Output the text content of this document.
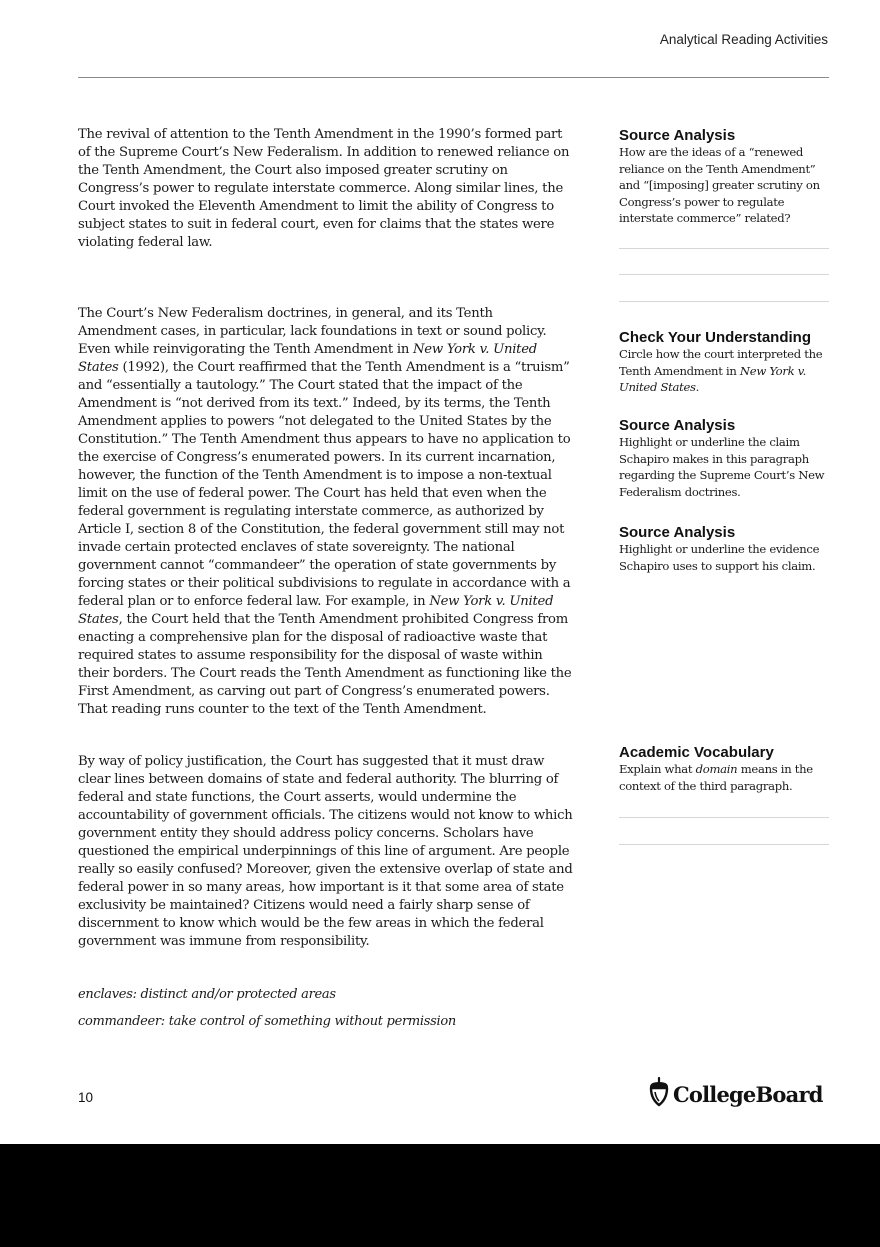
Analytical Reading Activities

The revival of attention to the Tenth Amendment in the 1990’s formed part of the Supreme Court’s New Federalism. In addition to renewed reliance on the Tenth Amendment, the Court also imposed greater scrutiny on Congress’s power to regulate interstate commerce. Along similar lines, the Court invoked the Eleventh Amendment to limit the ability of Congress to subject states to suit in federal court, even for claims that the states were violating federal law.

The Court’s New Federalism doctrines, in general, and its Tenth Amendment cases, in particular, lack foundations in text or sound policy. Even while reinvigorating the Tenth Amendment in New York v. United States (1992), the Court reafﬁrmed that the Tenth Amendment is a “truism” and “essentially a tautology.” The Court stated that the impact of the Amendment is “not derived from its text.” Indeed, by its terms, the Tenth Amendment applies to powers “not delegated to the United States by the Constitution.” The Tenth Amendment thus appears to have no application to the exercise of Congress’s enumerated powers. In its current incarnation, however, the function of the Tenth Amendment is to impose a non-textual limit on the use of federal power. The Court has held that even when the federal government is regulating interstate commerce, as authorized by Article I, section 8 of the Constitution, the federal government still may not invade certain protected enclaves of state sovereignty. The national government cannot “commandeer” the operation of state governments by forcing states or their political subdivisions to regulate in accordance with a federal plan or to enforce federal law. For example, in New York v. United States, the Court held that the Tenth Amendment prohibited Congress from enacting a comprehensive plan for the disposal of radioactive waste that required states to assume responsibility for the disposal of waste within their borders. The Court reads the Tenth Amendment as functioning like the First Amendment, as carving out part of Congress’s enumerated powers. That reading runs counter to the text of the Tenth Amendment.

By way of policy justification, the Court has suggested that it must draw clear lines between domains of state and federal authority. The blurring of federal and state functions, the Court asserts, would undermine the accountability of government ofﬁcials. The citizens would not know to which government entity they should address policy concerns. Scholars have questioned the empirical underpinnings of this line of argument. Are people really so easily confused? Moreover, given the extensive overlap of state and federal power in so many areas, how important is it that some area of state exclusivity be maintained? Citizens would need a fairly sharp sense of discernment to know which would be the few areas in which the federal government was immune from responsibility.

enclaves: distinct and/or protected areas
commandeer: take control of something without permission
Source Analysis

How are the ideas of a “renewed reliance on the Tenth Amendment” and “[imposing] greater scrutiny on Congress’s power to regulate interstate commerce” related?

Check Your Understanding

Circle how the court interpreted the Tenth Amendment in New York v. United States.

Source Analysis

Highlight or underline the claim Schapiro makes in this paragraph regarding the Supreme Court’s New Federalism doctrines.

Source Analysis

Highlight or underline the evidence Schapiro uses to support his claim.

Academic Vocabulary

Explain what domain means in the context of the third paragraph.

10	CollegeBoard
